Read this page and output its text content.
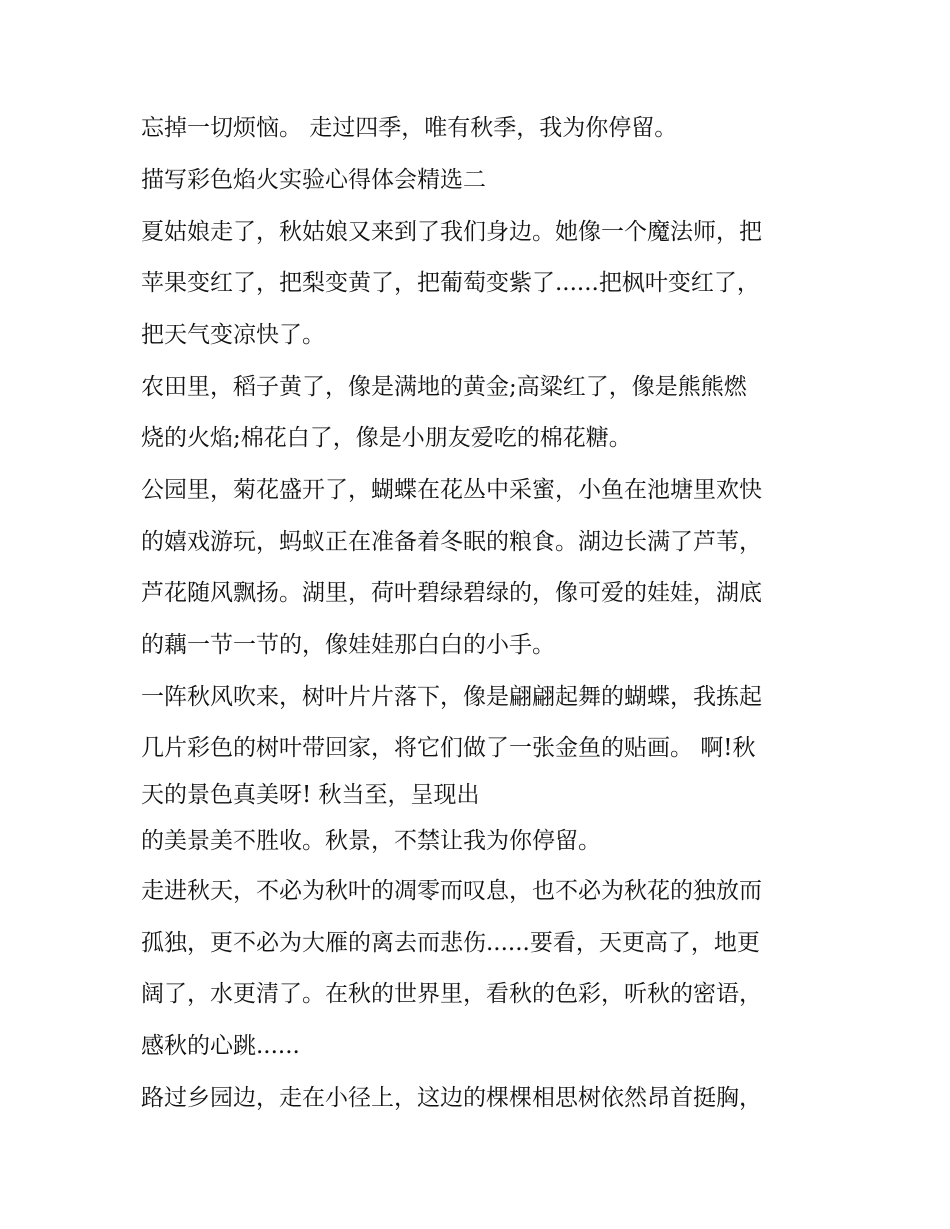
忘掉一切烦恼。 走过四季，唯有秋季，我为你停留。

描写彩色焰火实验心得体会精选二

夏姑娘走了，秋姑娘又来到了我们身边。她像一个魔法师，把

苹果变红了，把梨变黄了，把葡萄变紫了......把枫叶变红了，

把天气变凉快了。

农田里，稻子黄了，像是满地的黄金;高粱红了，像是熊熊燃

烧的火焰;棉花白了，像是小朋友爱吃的棉花糖。

公园里，菊花盛开了，蝴蝶在花丛中采蜜，小鱼在池塘里欢快

的嬉戏游玩，蚂蚁正在准备着冬眠的粮食。湖边长满了芦苇，

芦花随风飘扬。湖里，荷叶碧绿碧绿的，像可爱的娃娃，湖底

的藕一节一节的，像娃娃那白白的小手。

一阵秋风吹来，树叶片片落下，像是翩翩起舞的蝴蝶，我拣起

几片彩色的树叶带回家，将它们做了一张金鱼的贴画。 啊!秋

天的景色真美呀! 秋当至，呈现出

的美景美不胜收。秋景，不禁让我为你停留。

走进秋天，不必为秋叶的凋零而叹息，也不必为秋花的独放而

孤独，更不必为大雁的离去而悲伤......要看，天更高了，地更

阔了，水更清了。在秋的世界里，看秋的色彩，听秋的密语，

感秋的心跳......

路过乡园边，走在小径上，这边的棵棵相思树依然昂首挺胸，
